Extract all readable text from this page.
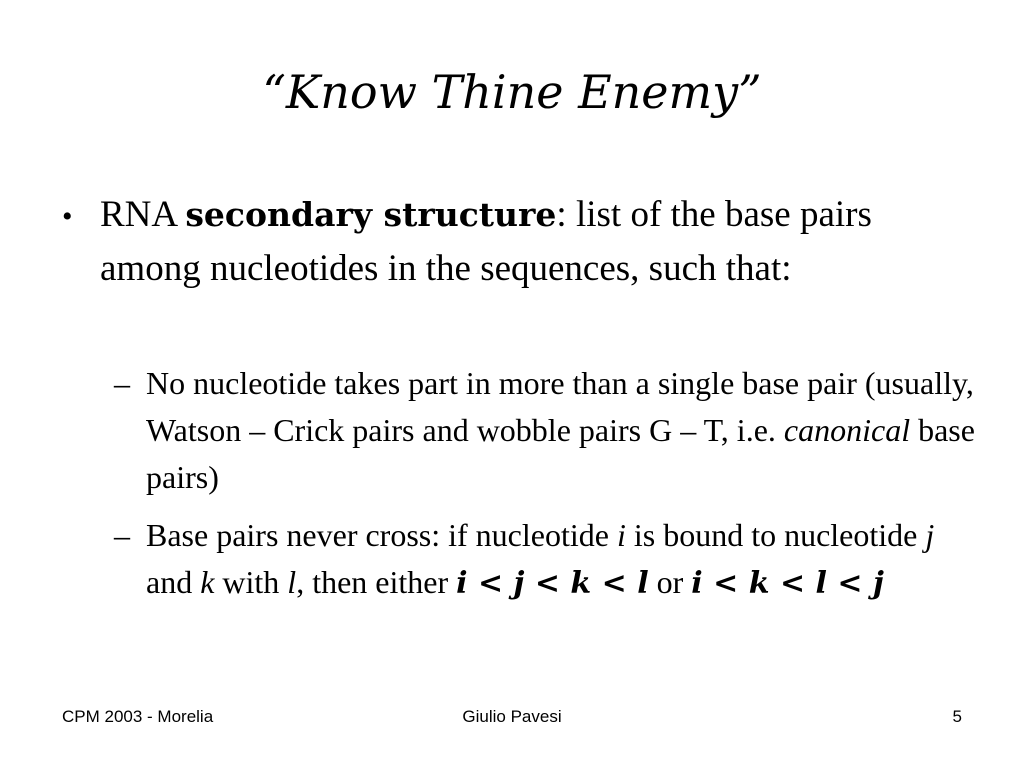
“Know Thine Enemy”
• RNA secondary structure: list of the base pairs among nucleotides in the sequences, such that:
– No nucleotide takes part in more than a single base pair (usually, Watson – Crick pairs and wobble pairs G – T, i.e. canonical base pairs)
– Base pairs never cross: if nucleotide i is bound to nucleotide j and k with l, then either i < j < k < l or i < k < l < j
CPM 2003 - Morelia	Giulio Pavesi	5
